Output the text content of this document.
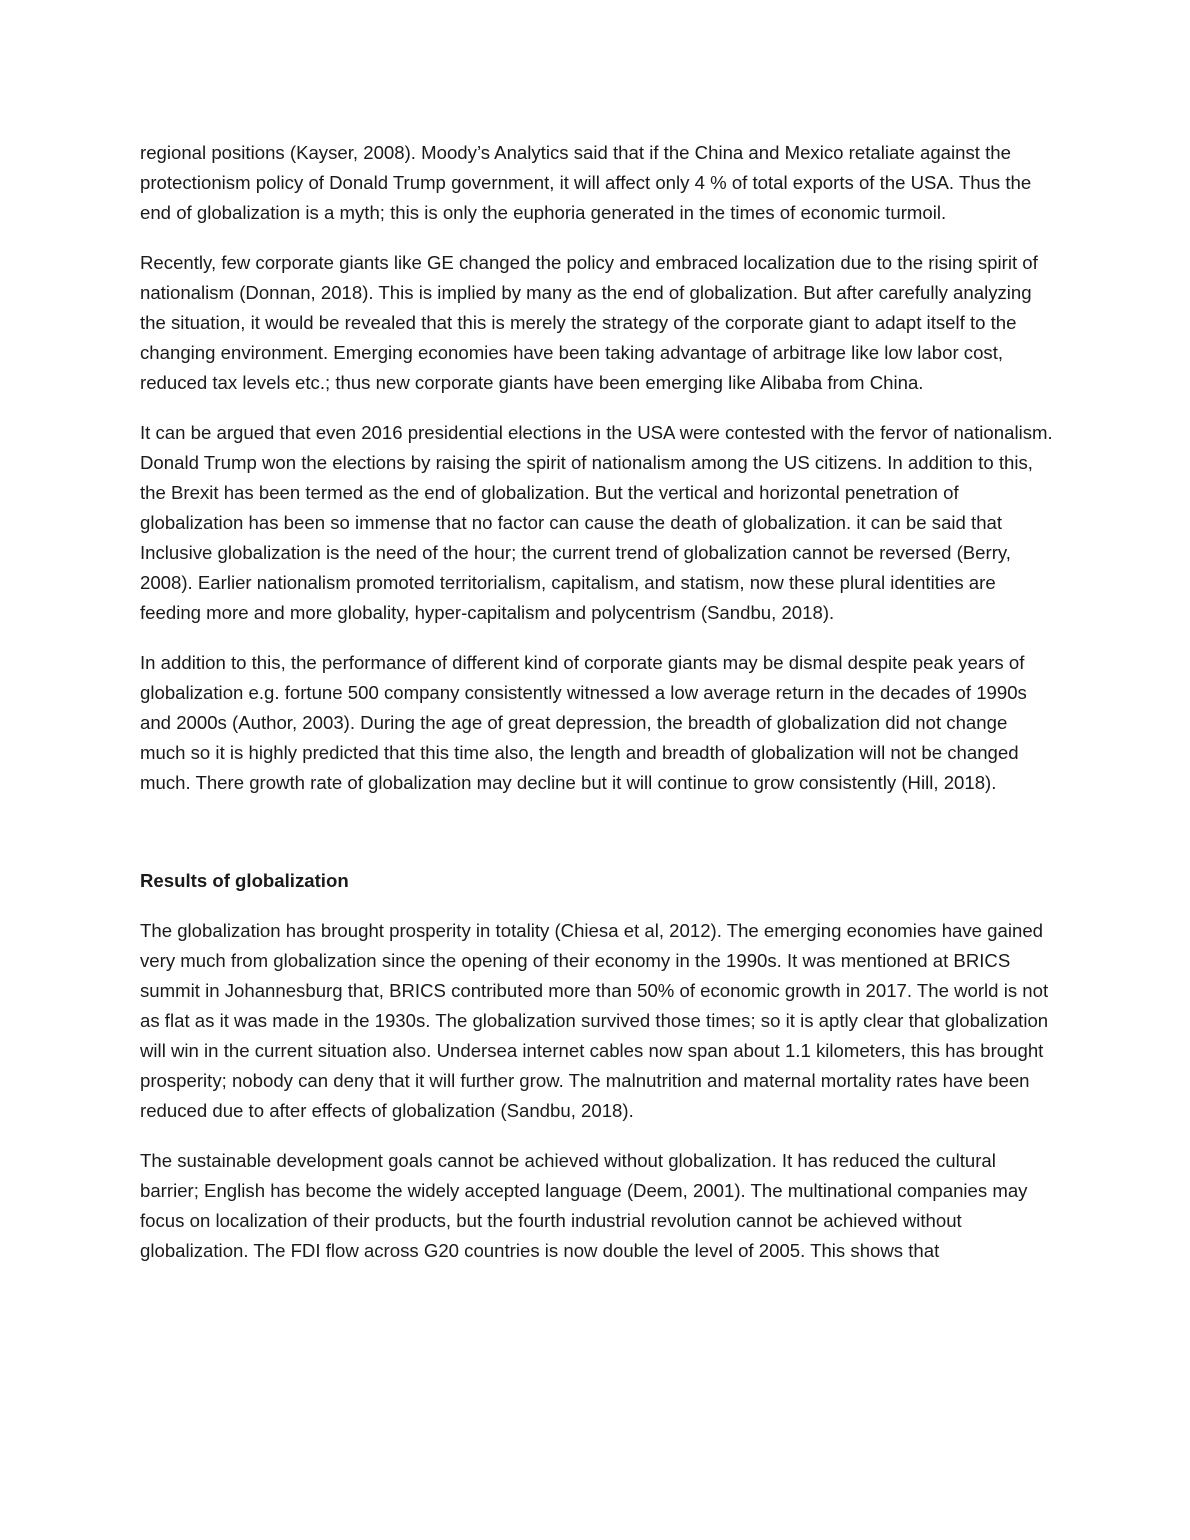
regional positions (Kayser, 2008). Moody’s Analytics said that if the China and Mexico retaliate against the protectionism policy of Donald Trump government, it will affect only 4 % of total exports of the USA. Thus the end of globalization is a myth; this is only the euphoria generated in the times of economic turmoil.

Recently, few corporate giants like GE changed the policy and embraced localization due to the rising spirit of nationalism (Donnan, 2018). This is implied by many as the end of globalization. But after carefully analyzing the situation, it would be revealed that this is merely the strategy of the corporate giant to adapt itself to the changing environment. Emerging economies have been taking advantage of arbitrage like low labor cost, reduced tax levels etc.; thus new corporate giants have been emerging like Alibaba from China.

It can be argued that even 2016 presidential elections in the USA were contested with the fervor of nationalism. Donald Trump won the elections by raising the spirit of nationalism among the US citizens. In addition to this, the Brexit has been termed as the end of globalization. But the vertical and horizontal penetration of globalization has been so immense that no factor can cause the death of globalization. it can be said that Inclusive globalization is the need of the hour; the current trend of globalization cannot be reversed (Berry, 2008). Earlier nationalism promoted territorialism, capitalism, and statism, now these plural identities are feeding more and more globality, hyper-capitalism and polycentrism (Sandbu, 2018).

In addition to this, the performance of different kind of corporate giants may be dismal despite peak years of globalization e.g. fortune 500 company consistently witnessed a low average return in the decades of 1990s and 2000s (Author, 2003). During the age of great depression, the breadth of globalization did not change much so it is highly predicted that this time also, the length and breadth of globalization will not be changed much. There growth rate of globalization may decline but it will continue to grow consistently (Hill, 2018).

Results of globalization

The globalization has brought prosperity in totality (Chiesa et al, 2012). The emerging economies have gained very much from globalization since the opening of their economy in the 1990s. It was mentioned at BRICS summit in Johannesburg that, BRICS contributed more than 50% of economic growth in 2017. The world is not as flat as it was made in the 1930s. The globalization survived those times; so it is aptly clear that globalization will win in the current situation also. Undersea internet cables now span about 1.1 kilometers, this has brought prosperity; nobody can deny that it will further grow. The malnutrition and maternal mortality rates have been reduced due to after effects of globalization (Sandbu, 2018).

The sustainable development goals cannot be achieved without globalization. It has reduced the cultural barrier; English has become the widely accepted language (Deem, 2001). The multinational companies may focus on localization of their products, but the fourth industrial revolution cannot be achieved without globalization. The FDI flow across G20 countries is now double the level of 2005. This shows that
